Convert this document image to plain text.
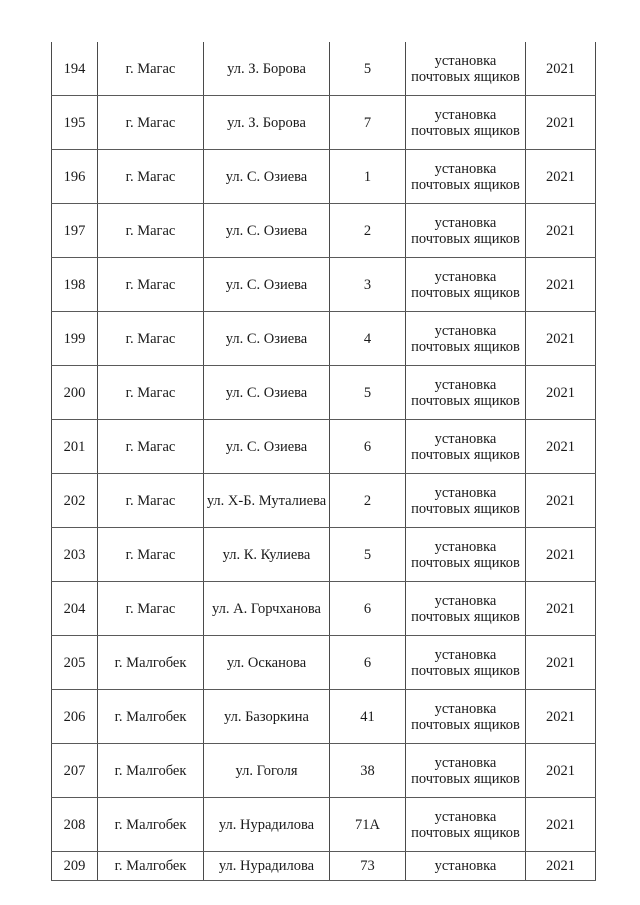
194	г. Магас	ул. З. Борова	5	установка почтовых ящиков	2021
195	г. Магас	ул. З. Борова	7	установка почтовых ящиков	2021
196	г. Магас	ул. С. Озиева	1	установка почтовых ящиков	2021
197	г. Магас	ул. С. Озиева	2	установка почтовых ящиков	2021
198	г. Магас	ул. С. Озиева	3	установка почтовых ящиков	2021
199	г. Магас	ул. С. Озиева	4	установка почтовых ящиков	2021
200	г. Магас	ул. С. Озиева	5	установка почтовых ящиков	2021
201	г. Магас	ул. С. Озиева	6	установка почтовых ящиков	2021
202	г. Магас	ул. Х-Б. Муталиева	2	установка почтовых ящиков	2021
203	г. Магас	ул. К. Кулиева	5	установка почтовых ящиков	2021
204	г. Магас	ул. А. Горчханова	6	установка почтовых ящиков	2021
205	г. Малгобек	ул. Осканова	6	установка почтовых ящиков	2021
206	г. Малгобек	ул. Базоркина	41	установка почтовых ящиков	2021
207	г. Малгобек	ул. Гоголя	38	установка почтовых ящиков	2021
208	г. Малгобек	ул. Нурадилова	71А	установка почтовых ящиков	2021
209	г. Малгобек	ул. Нурадилова	73	установка	2021
